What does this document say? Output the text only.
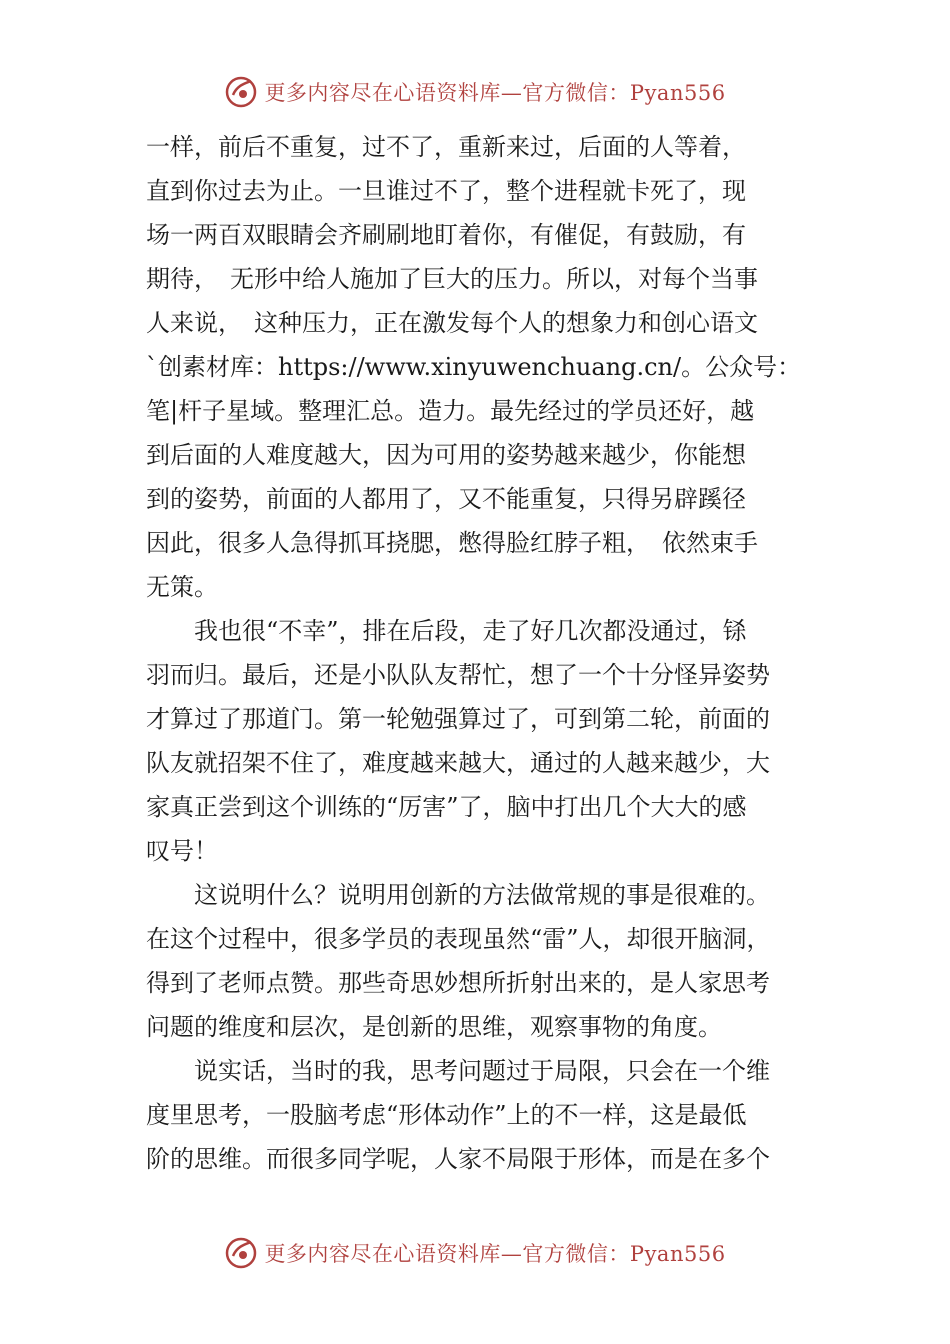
更多内容尽在心语资料库—官方微信：Pyan556
一样，前后不重复，过不了，重新来过，后面的人等着，
直到你过去为止。一旦谁过不了，整个进程就卡死了，现
场一两百双眼睛会齐刷刷地盯着你，有催促，有鼓励，有
期待，　无形中给人施加了巨大的压力。所以，对每个当事
人来说，　这种压力，正在激发每个人的想象力和创心语文
`创素材库：https://www.xinyuwenchuang.cn/。公众号：
笔|杆子星域。整理汇总。造力。最先经过的学员还好，越
到后面的人难度越大，因为可用的姿势越来越少，你能想
到的姿势，前面的人都用了，又不能重复，只得另辟蹊径
因此，很多人急得抓耳挠腮，憋得脸红脖子粗，　依然束手
无策。
　　我也很“不幸”，排在后段，走了好几次都没通过，铩
羽而归。最后，还是小队队友帮忙，想了一个十分怪异姿势
才算过了那道门。第一轮勉强算过了，可到第二轮，前面的
队友就招架不住了，难度越来越大，通过的人越来越少，大
家真正尝到这个训练的“厉害”了，脑中打出几个大大的感
叹号！
　　这说明什么？说明用创新的方法做常规的事是很难的。
在这个过程中，很多学员的表现虽然“雷”人，却很开脑洞，
得到了老师点赞。那些奇思妙想所折射出来的，是人家思考
问题的维度和层次，是创新的思维，观察事物的角度。
　　说实话，当时的我，思考问题过于局限，只会在一个维
度里思考，一股脑考虑“形体动作”上的不一样，这是最低
阶的思维。而很多同学呢，人家不局限于形体，而是在多个
更多内容尽在心语资料库—官方微信：Pyan556
